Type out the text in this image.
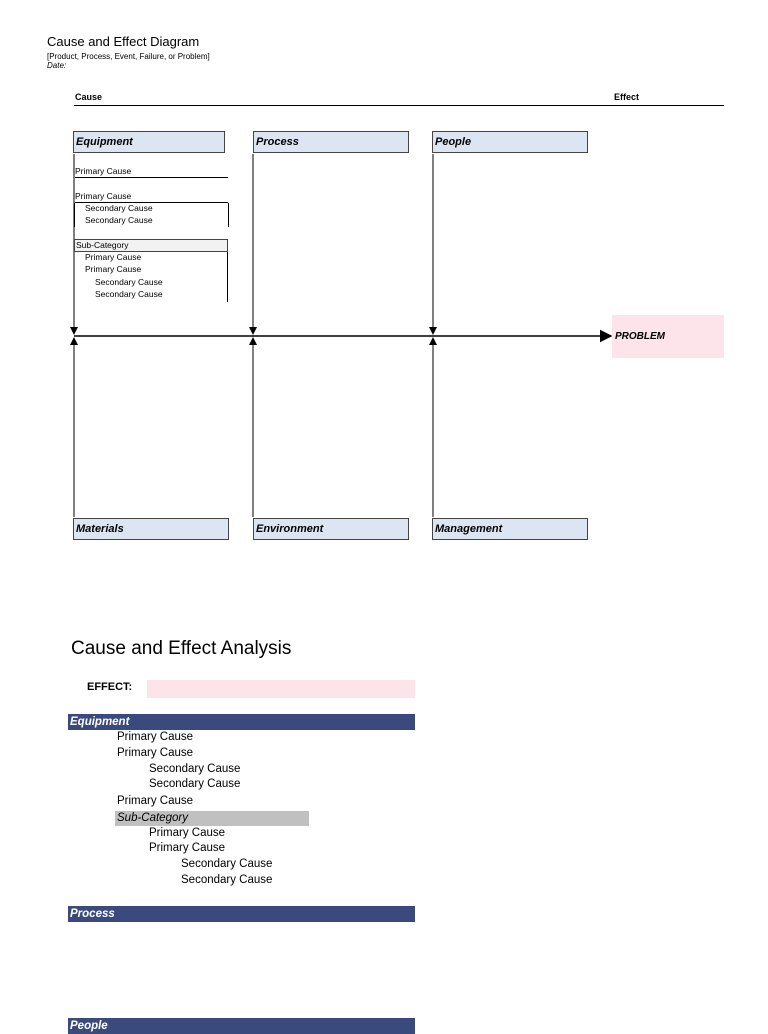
Cause and Effect Diagram
[Product, Process, Event, Failure, or Problem]
Date:
Cause	Effect
Equipment	Process	People
Materials	Environment	Management
Primary Cause
Primary Cause
Secondary Cause
Secondary Cause
Sub-Category
Primary Cause
Primary Cause
Secondary Cause
Secondary Cause
PROBLEM
Cause and Effect Analysis
EFFECT:
Equipment
Primary Cause
Primary Cause
Secondary Cause
Secondary Cause
Primary Cause
Sub-Category
Primary Cause
Primary Cause
Secondary Cause
Secondary Cause
Process
People
